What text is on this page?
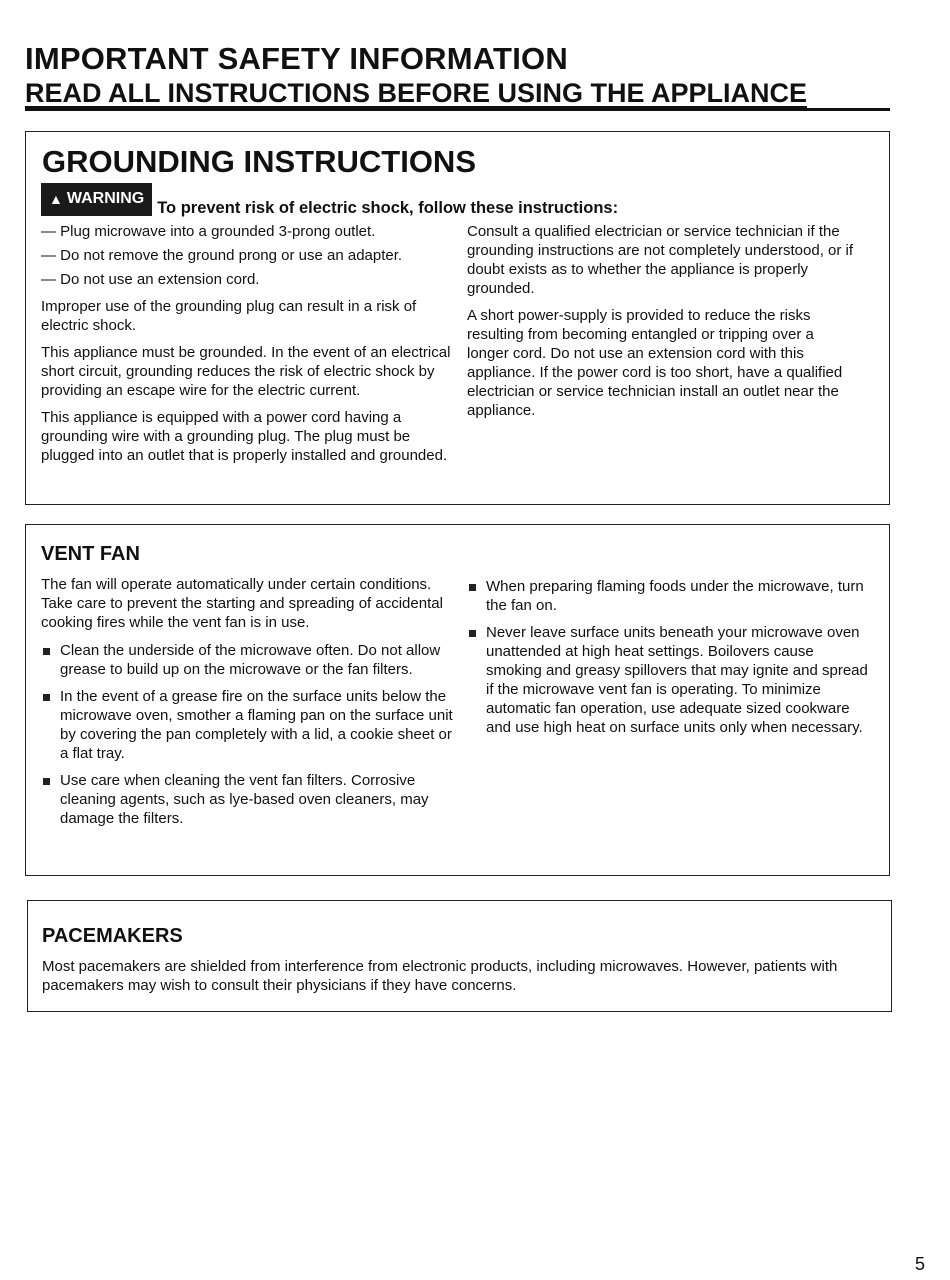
IMPORTANT SAFETY INFORMATION
READ ALL INSTRUCTIONS BEFORE USING THE APPLIANCE
GROUNDING INSTRUCTIONS
▲ WARNING
To prevent risk of electric shock, follow these instructions:
— Plug microwave into a grounded 3-prong outlet.
— Do not remove the ground prong or use an adapter.
— Do not use an extension cord.

Improper use of the grounding plug can result in a risk of electric shock.

This appliance must be grounded. In the event of an electrical short circuit, grounding reduces the risk of electric shock by providing an escape wire for the electric current.

This appliance is equipped with a power cord having a grounding wire with a grounding plug. The plug must be plugged into an outlet that is properly installed and grounded.

Consult a qualified electrician or service technician if the grounding instructions are not completely understood, or if doubt exists as to whether the appliance is properly grounded.

A short power-supply is provided to reduce the risks resulting from becoming entangled or tripping over a longer cord. Do not use an extension cord with this appliance. If the power cord is too short, have a qualified electrician or service technician install an outlet near the appliance.

VENT FAN

The fan will operate automatically under certain conditions. Take care to prevent the starting and spreading of accidental cooking fires while the vent fan is in use.

Clean the underside of the microwave often. Do not allow grease to build up on the microwave or the fan filters.
In the event of a grease fire on the surface units below the microwave oven, smother a flaming pan on the surface unit by covering the pan completely with a lid, a cookie sheet or a flat tray.
Use care when cleaning the vent fan filters. Corrosive cleaning agents, such as lye-based oven cleaners, may damage the filters.
When preparing flaming foods under the microwave, turn the fan on.
Never leave surface units beneath your microwave oven unattended at high heat settings. Boilovers cause smoking and greasy spillovers that may ignite and spread if the microwave vent fan is operating. To minimize automatic fan operation, use adequate sized cookware and use high heat on surface units only when necessary.
PACEMAKERS
Most pacemakers are shielded from interference from electronic products, including microwaves. However, patients with pacemakers may wish to consult their physicians if they have concerns.
5
